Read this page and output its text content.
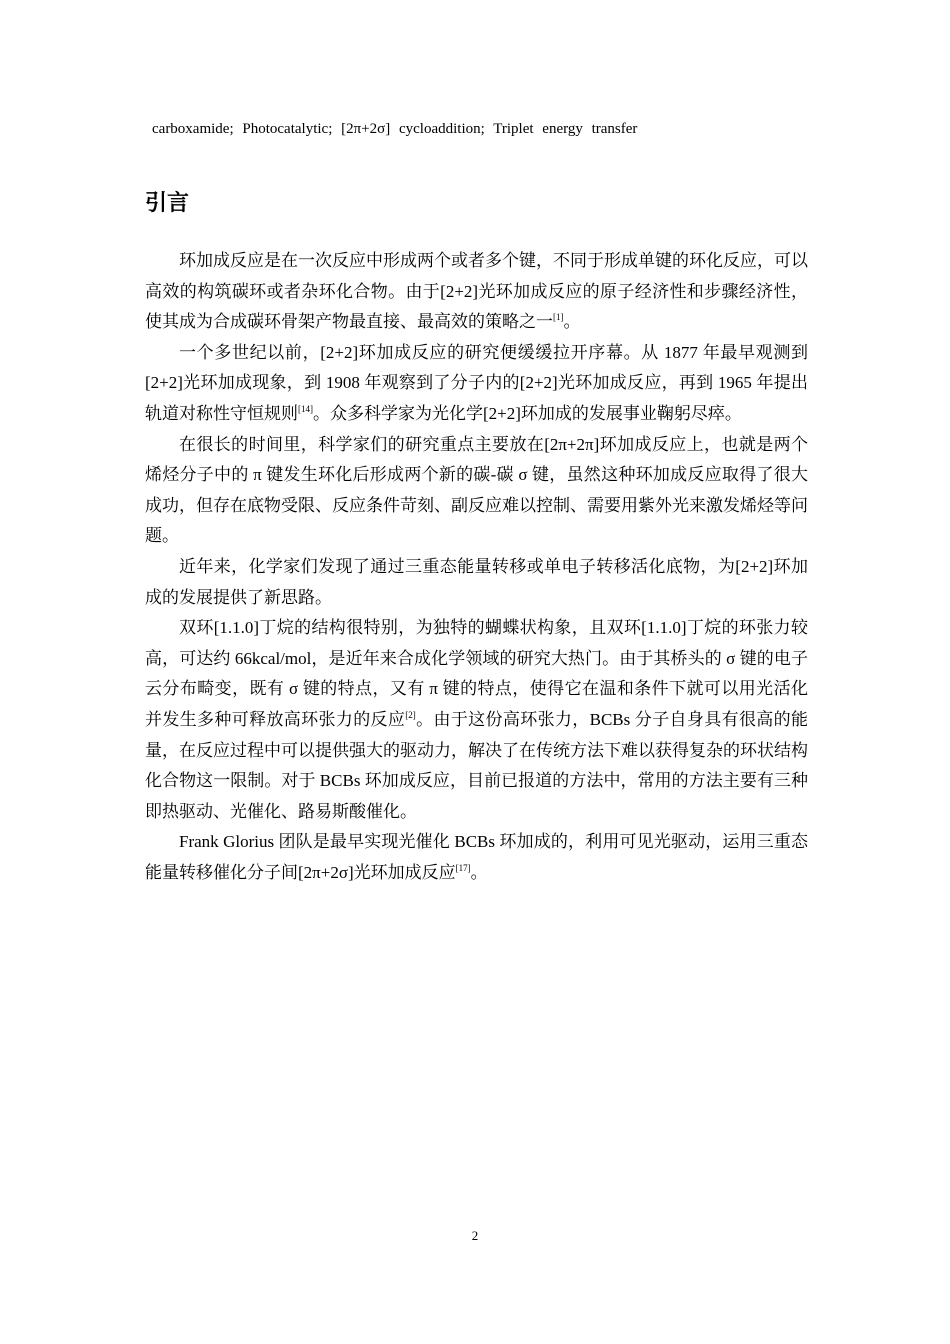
carboxamide; Photocatalytic; [2π+2σ] cycloaddition; Triplet energy transfer
引言

环加成反应是在一次反应中形成两个或者多个键，不同于形成单键的环化反应，可以高效的构筑碳环或者杂环化合物。由于[2+2]光环加成反应的原子经济性和步骤经济性，使其成为合成碳环骨架产物最直接、最高效的策略之一[1]。

一个多世纪以前，[2+2]环加成反应的研究便缓缓拉开序幕。从 1877 年最早观测到[2+2]光环加成现象，到 1908 年观察到了分子内的[2+2]光环加成反应，再到 1965 年提出轨道对称性守恒规则[14]。众多科学家为光化学[2+2]环加成的发展事业鞠躬尽瘁。

在很长的时间里，科学家们的研究重点主要放在[2π+2π]环加成反应上，也就是两个烯烃分子中的 π 键发生环化后形成两个新的碳-碳 σ 键，虽然这种环加成反应取得了很大成功，但存在底物受限、反应条件苛刻、副反应难以控制、需要用紫外光来激发烯烃等问题。

近年来，化学家们发现了通过三重态能量转移或单电子转移活化底物，为[2+2]环加成的发展提供了新思路。

双环[1.1.0]丁烷的结构很特别，为独特的蝴蝶状构象，且双环[1.1.0]丁烷的环张力较高，可达约 66kcal/mol，是近年来合成化学领域的研究大热门。由于其桥头的 σ 键的电子云分布畸变，既有 σ 键的特点，又有 π 键的特点，使得它在温和条件下就可以用光活化并发生多种可释放高环张力的反应[2]。由于这份高环张力，BCBs 分子自身具有很高的能量，在反应过程中可以提供强大的驱动力，解决了在传统方法下难以获得复杂的环状结构化合物这一限制。对于 BCBs 环加成反应，目前已报道的方法中，常用的方法主要有三种即热驱动、光催化、路易斯酸催化。

Frank Glorius 团队是最早实现光催化 BCBs 环加成的，利用可见光驱动，运用三重态能量转移催化分子间[2π+2σ]光环加成反应[17]。

2
